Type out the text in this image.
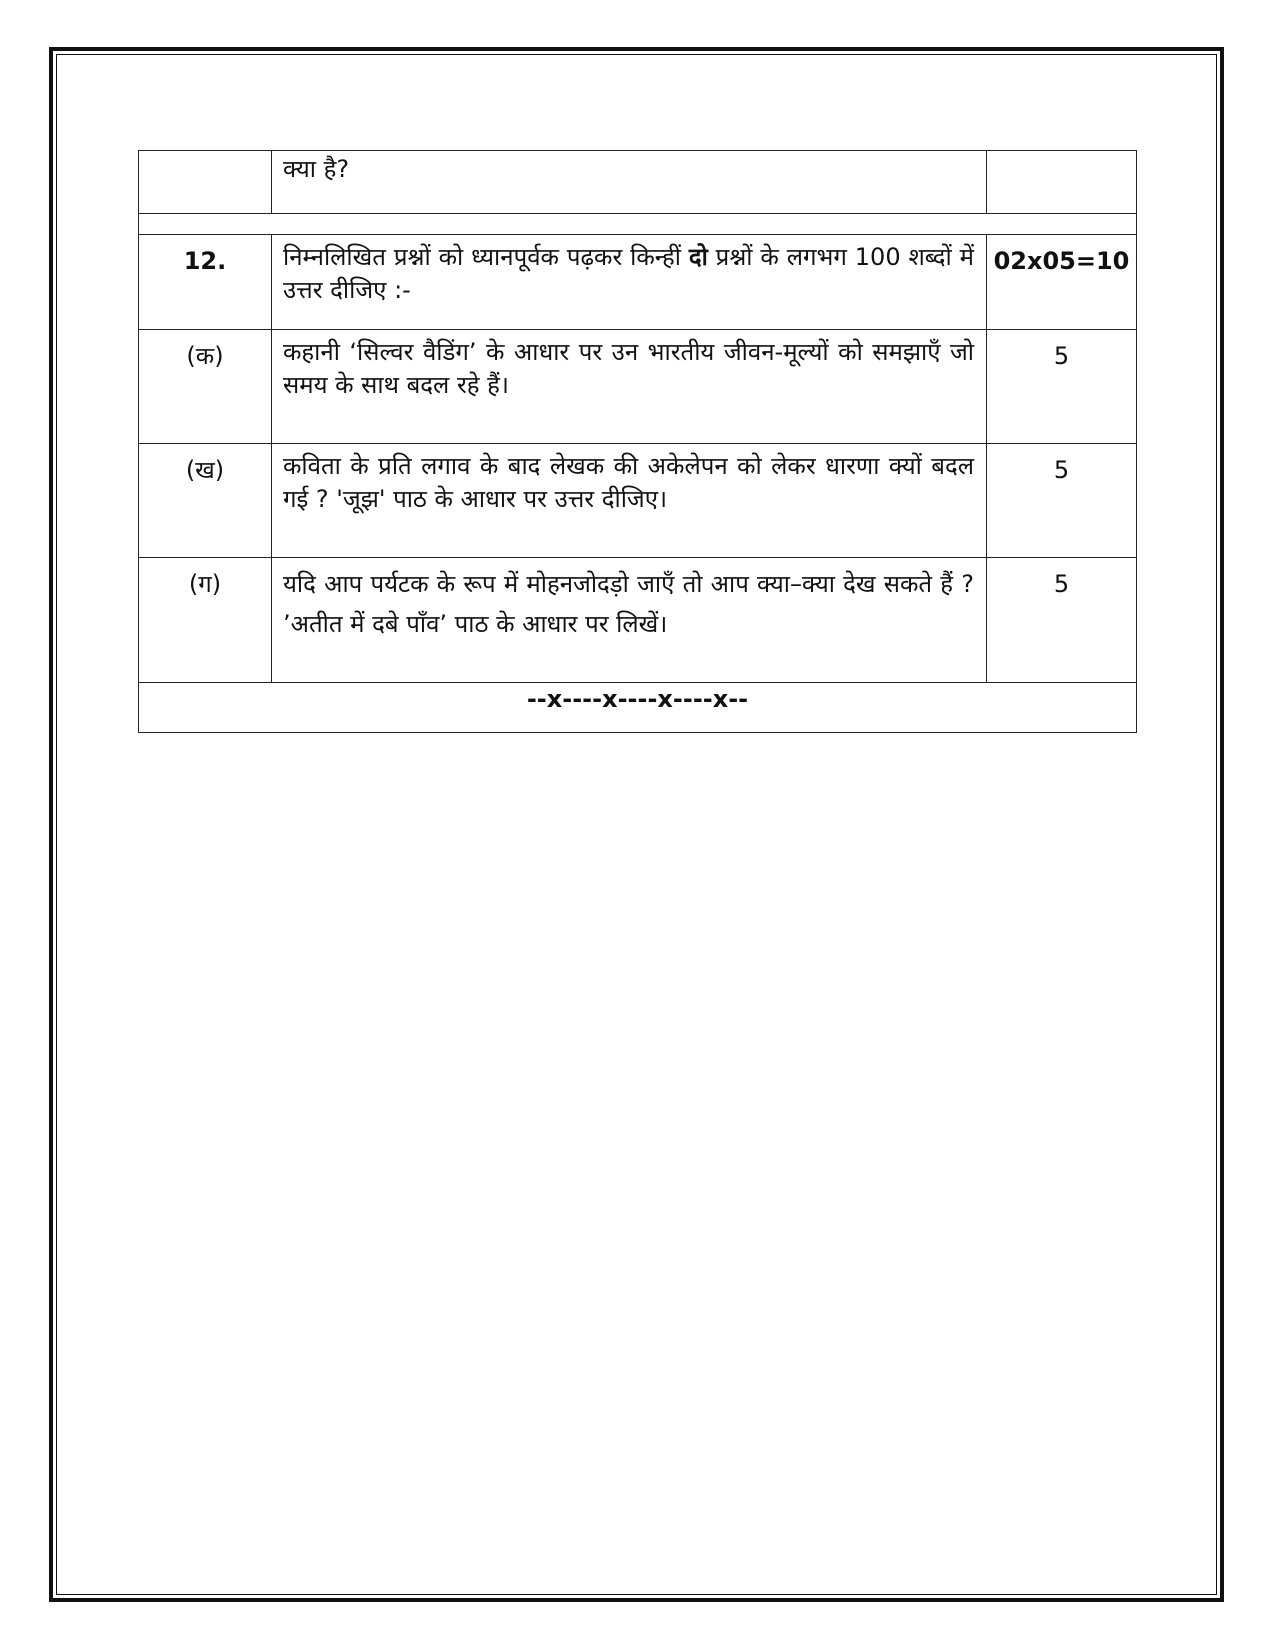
	क्या है?	

12.	निम्नलिखित प्रश्नों को ध्यानपूर्वक पढ़कर किन्हीं दो प्रश्नों के लगभग 100 शब्दों में उत्तर दीजिए :-	02x05=10
(क)	कहानी ‘सिल्वर वैडिंग’ के आधार पर उन भारतीय जीवन-मूल्यों को समझाएँ जो समय के साथ बदल रहे हैं।	5
(ख)	कविता के प्रति लगाव के बाद लेखक की अकेलेपन को लेकर धारणा क्यों बदल गई ? 'जूझ' पाठ के आधार पर उत्तर दीजिए।	5
(ग)	यदि आप पर्यटक के रूप में मोहनजोदड़ो जाएँ तो आप क्या–क्या देख सकते हैं ? ’अतीत में दबे पाँव’ पाठ के आधार पर लिखें।	5
--x----x----x----x--		
